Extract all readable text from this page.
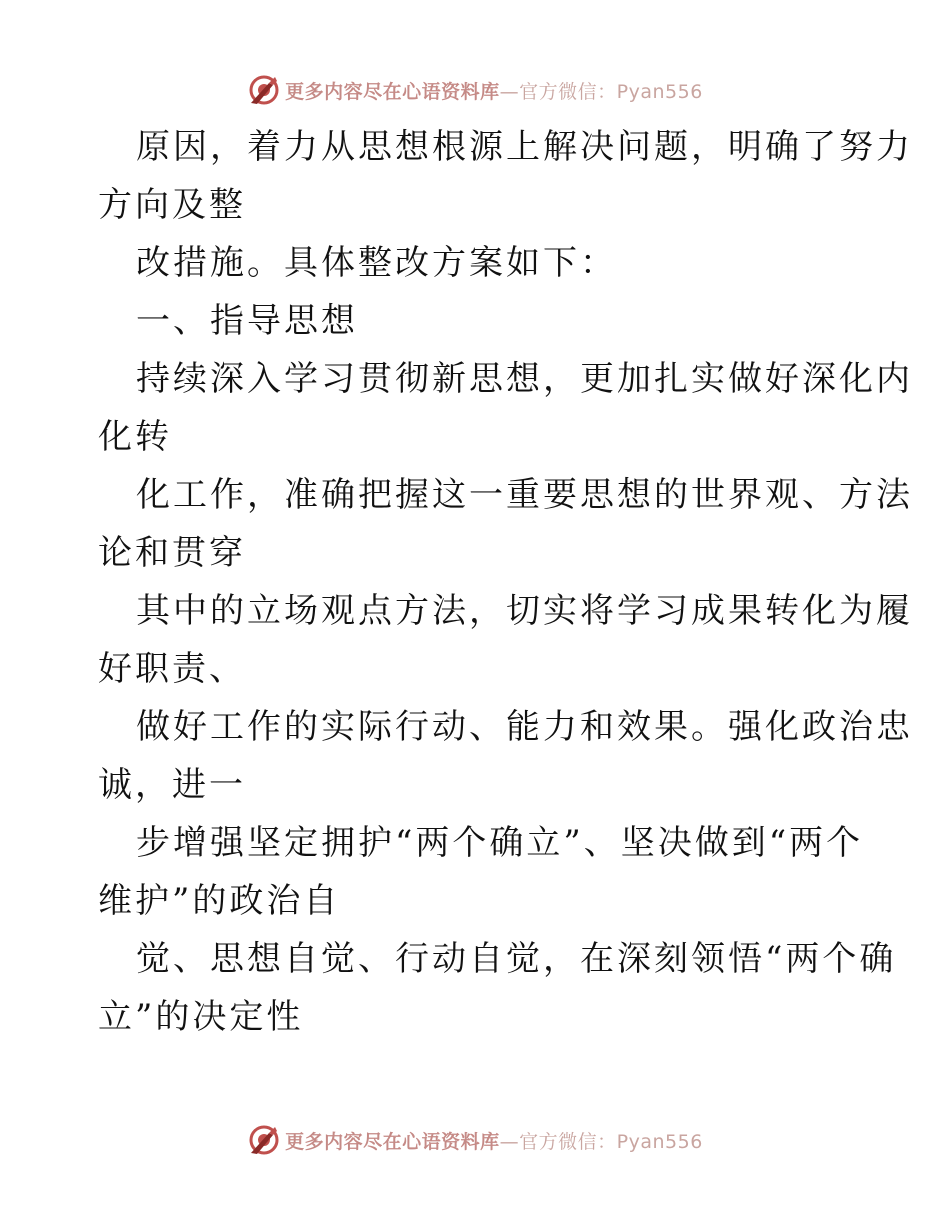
更多内容尽在心语资料库—官方微信：Pyan556
原因，着力从思想根源上解决问题，明确了努力
方向及整
改措施。具体整改方案如下：
一、指导思想
持续深入学习贯彻新思想，更加扎实做好深化内
化转
化工作，准确把握这一重要思想的世界观、方法
论和贯穿
其中的立场观点方法，切实将学习成果转化为履
好职责、
做好工作的实际行动、能力和效果。强化政治忠
诚，进一
步增强坚定拥护“两个确立”、坚决做到“两个
维护”的政治自
觉、思想自觉、行动自觉，在深刻领悟“两个确
立”的决定性
更多内容尽在心语资料库—官方微信：Pyan556
